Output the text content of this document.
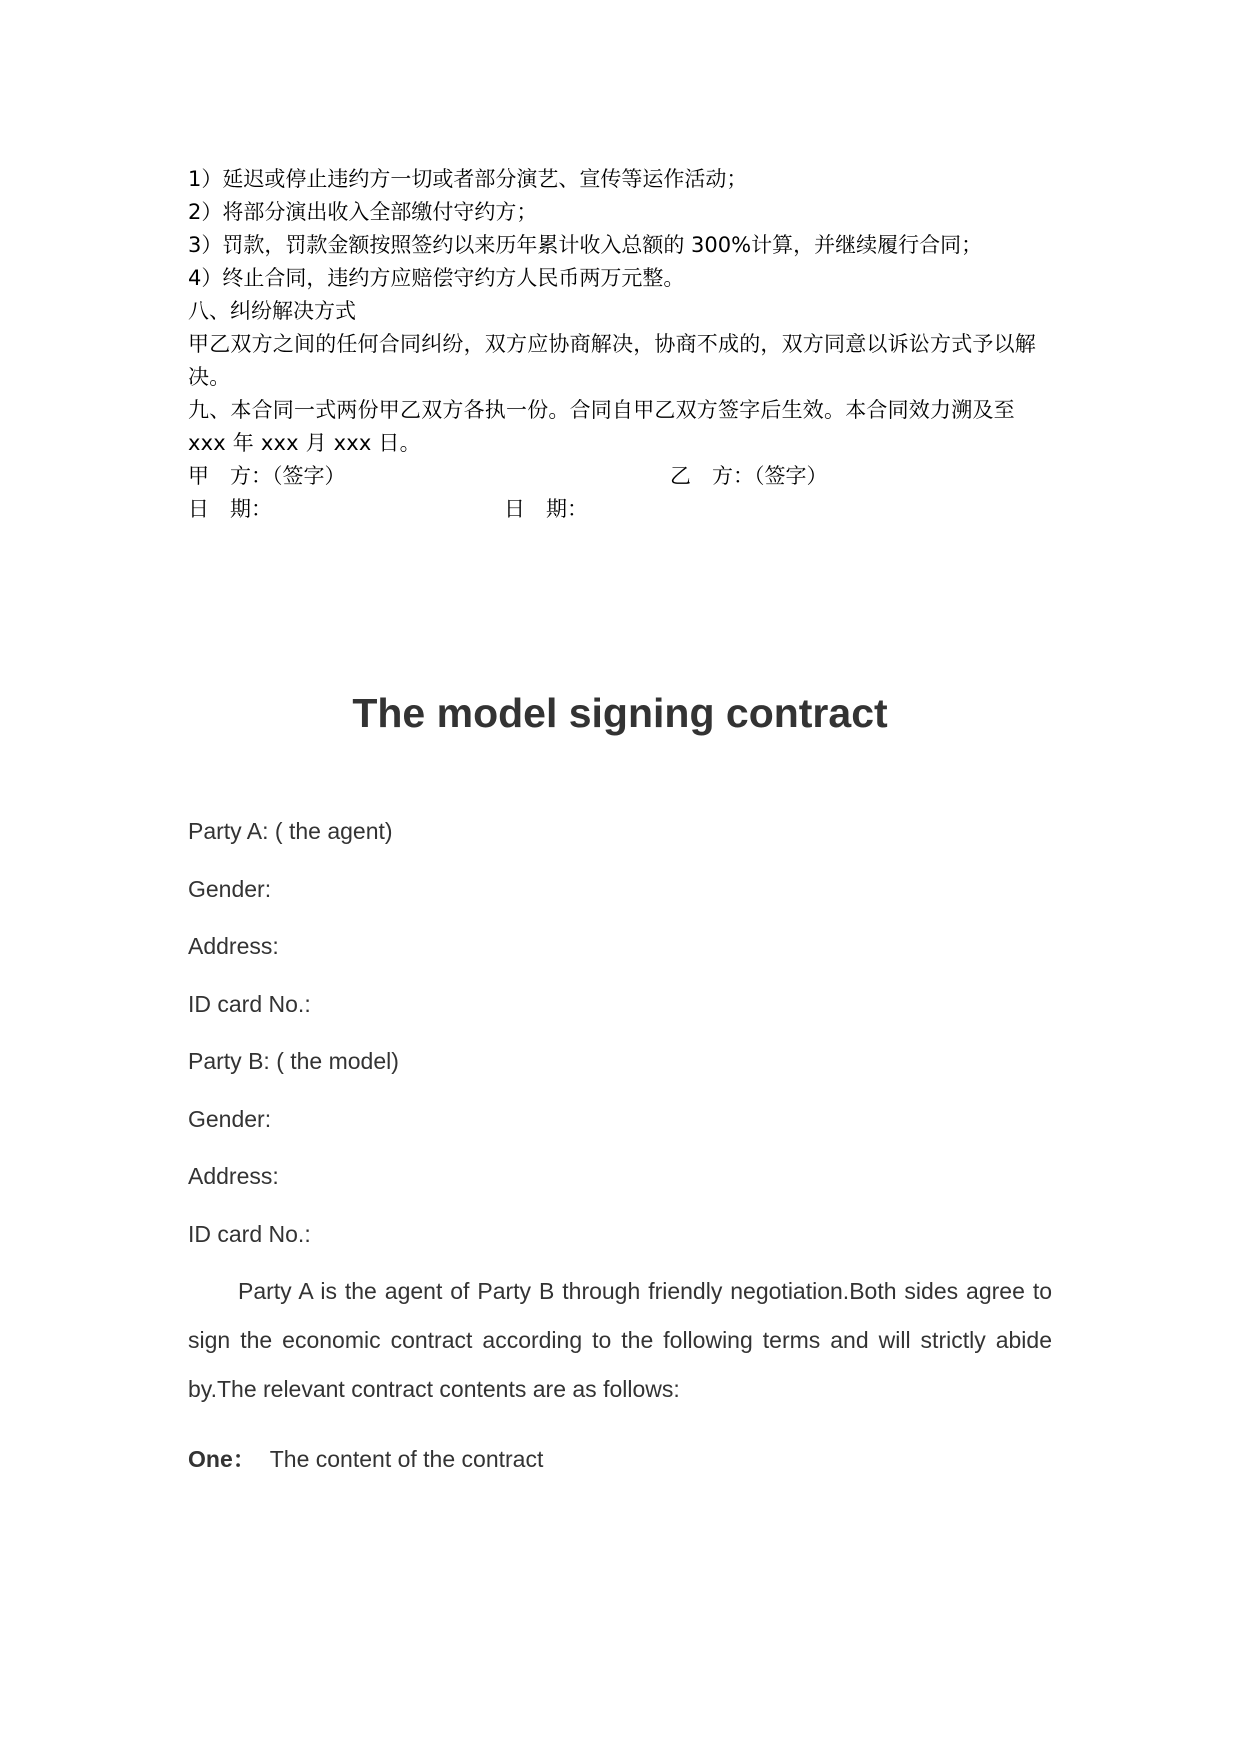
1）延迟或停止违约方一切或者部分演艺、宣传等运作活动；
2）将部分演出收入全部缴付守约方；
3）罚款，罚款金额按照签约以来历年累计收入总额的 300%计算，并继续履行合同；
4）终止合同，违约方应赔偿守约方人民币两万元整。
八、纠纷解决方式
甲乙双方之间的任何合同纠纷，双方应协商解决，协商不成的，双方同意以诉讼方式予以解决。
九、本合同一式两份甲乙双方各执一份。合同自甲乙双方签字后生效。本合同效力溯及至 xxx 年 xxx 月 xxx 日。
甲　方：（签字）	乙　方：（签字）
日　期：	日　期：
The model signing contract
Party A: ( the agent)
Gender:
Address:
ID card No.:
Party B: ( the model)
Gender:
Address:
ID card No.:
Party A is the agent of Party B through friendly negotiation.Both sides agree to sign the economic contract according to the following terms and will strictly abide by.The relevant contract contents are as follows:
One： The content of the contract
